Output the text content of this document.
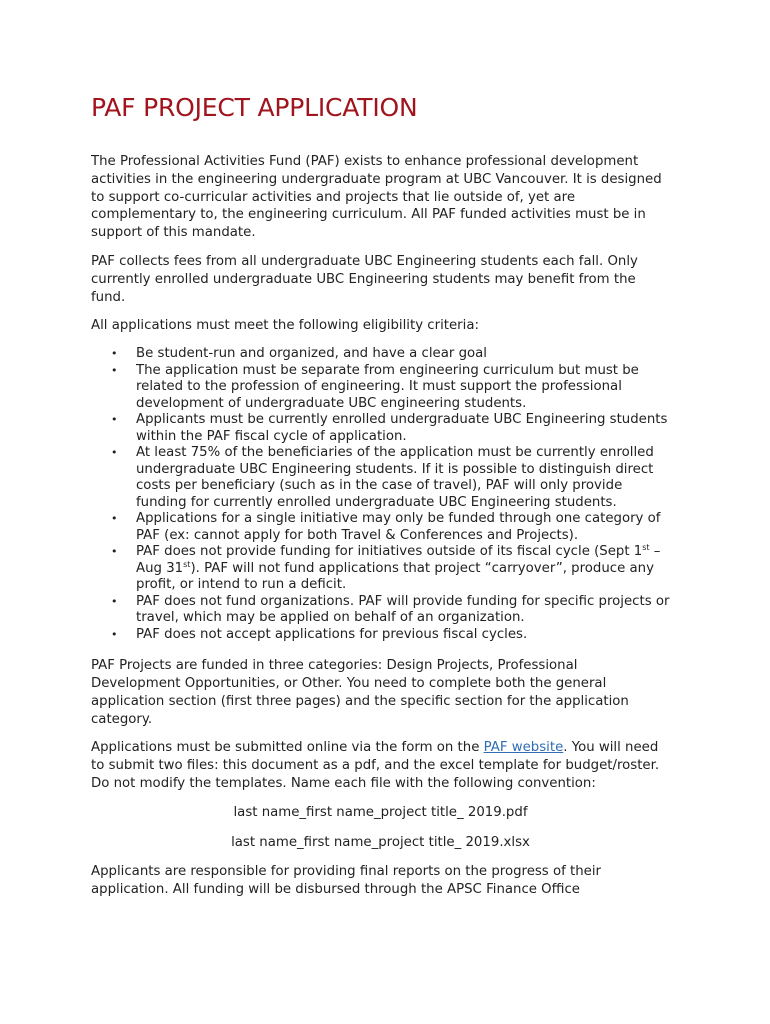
PAF PROJECT APPLICATION

The Professional Activities Fund (PAF) exists to enhance professional development activities in the engineering undergraduate program at UBC Vancouver. It is designed to support co-curricular activities and projects that lie outside of, yet are complementary to, the engineering curriculum. All PAF funded activities must be in support of this mandate.

PAF collects fees from all undergraduate UBC Engineering students each fall. Only currently enrolled undergraduate UBC Engineering students may benefit from the fund.

All applications must meet the following eligibility criteria:

• Be student-run and organized, and have a clear goal
• The application must be separate from engineering curriculum but must be related to the profession of engineering. It must support the professional development of undergraduate UBC engineering students.
• Applicants must be currently enrolled undergraduate UBC Engineering students within the PAF fiscal cycle of application.
• At least 75% of the beneficiaries of the application must be currently enrolled undergraduate UBC Engineering students. If it is possible to distinguish direct costs per beneficiary (such as in the case of travel), PAF will only provide funding for currently enrolled undergraduate UBC Engineering students.
• Applications for a single initiative may only be funded through one category of PAF (ex: cannot apply for both Travel & Conferences and Projects).
• PAF does not provide funding for initiatives outside of its fiscal cycle (Sept 1st – Aug 31st). PAF will not fund applications that project “carryover”, produce any profit, or intend to run a deficit.
• PAF does not fund organizations. PAF will provide funding for specific projects or travel, which may be applied on behalf of an organization.
• PAF does not accept applications for previous fiscal cycles.

PAF Projects are funded in three categories: Design Projects, Professional Development Opportunities, or Other. You need to complete both the general application section (first three pages) and the specific section for the application category.

Applications must be submitted online via the form on the PAF website. You will need to submit two files: this document as a pdf, and the excel template for budget/roster. Do not modify the templates. Name each file with the following convention:

last name_first name_project title_ 2019.pdf

last name_first name_project title_ 2019.xlsx

Applicants are responsible for providing final reports on the progress of their application. All funding will be disbursed through the APSC Finance Office
